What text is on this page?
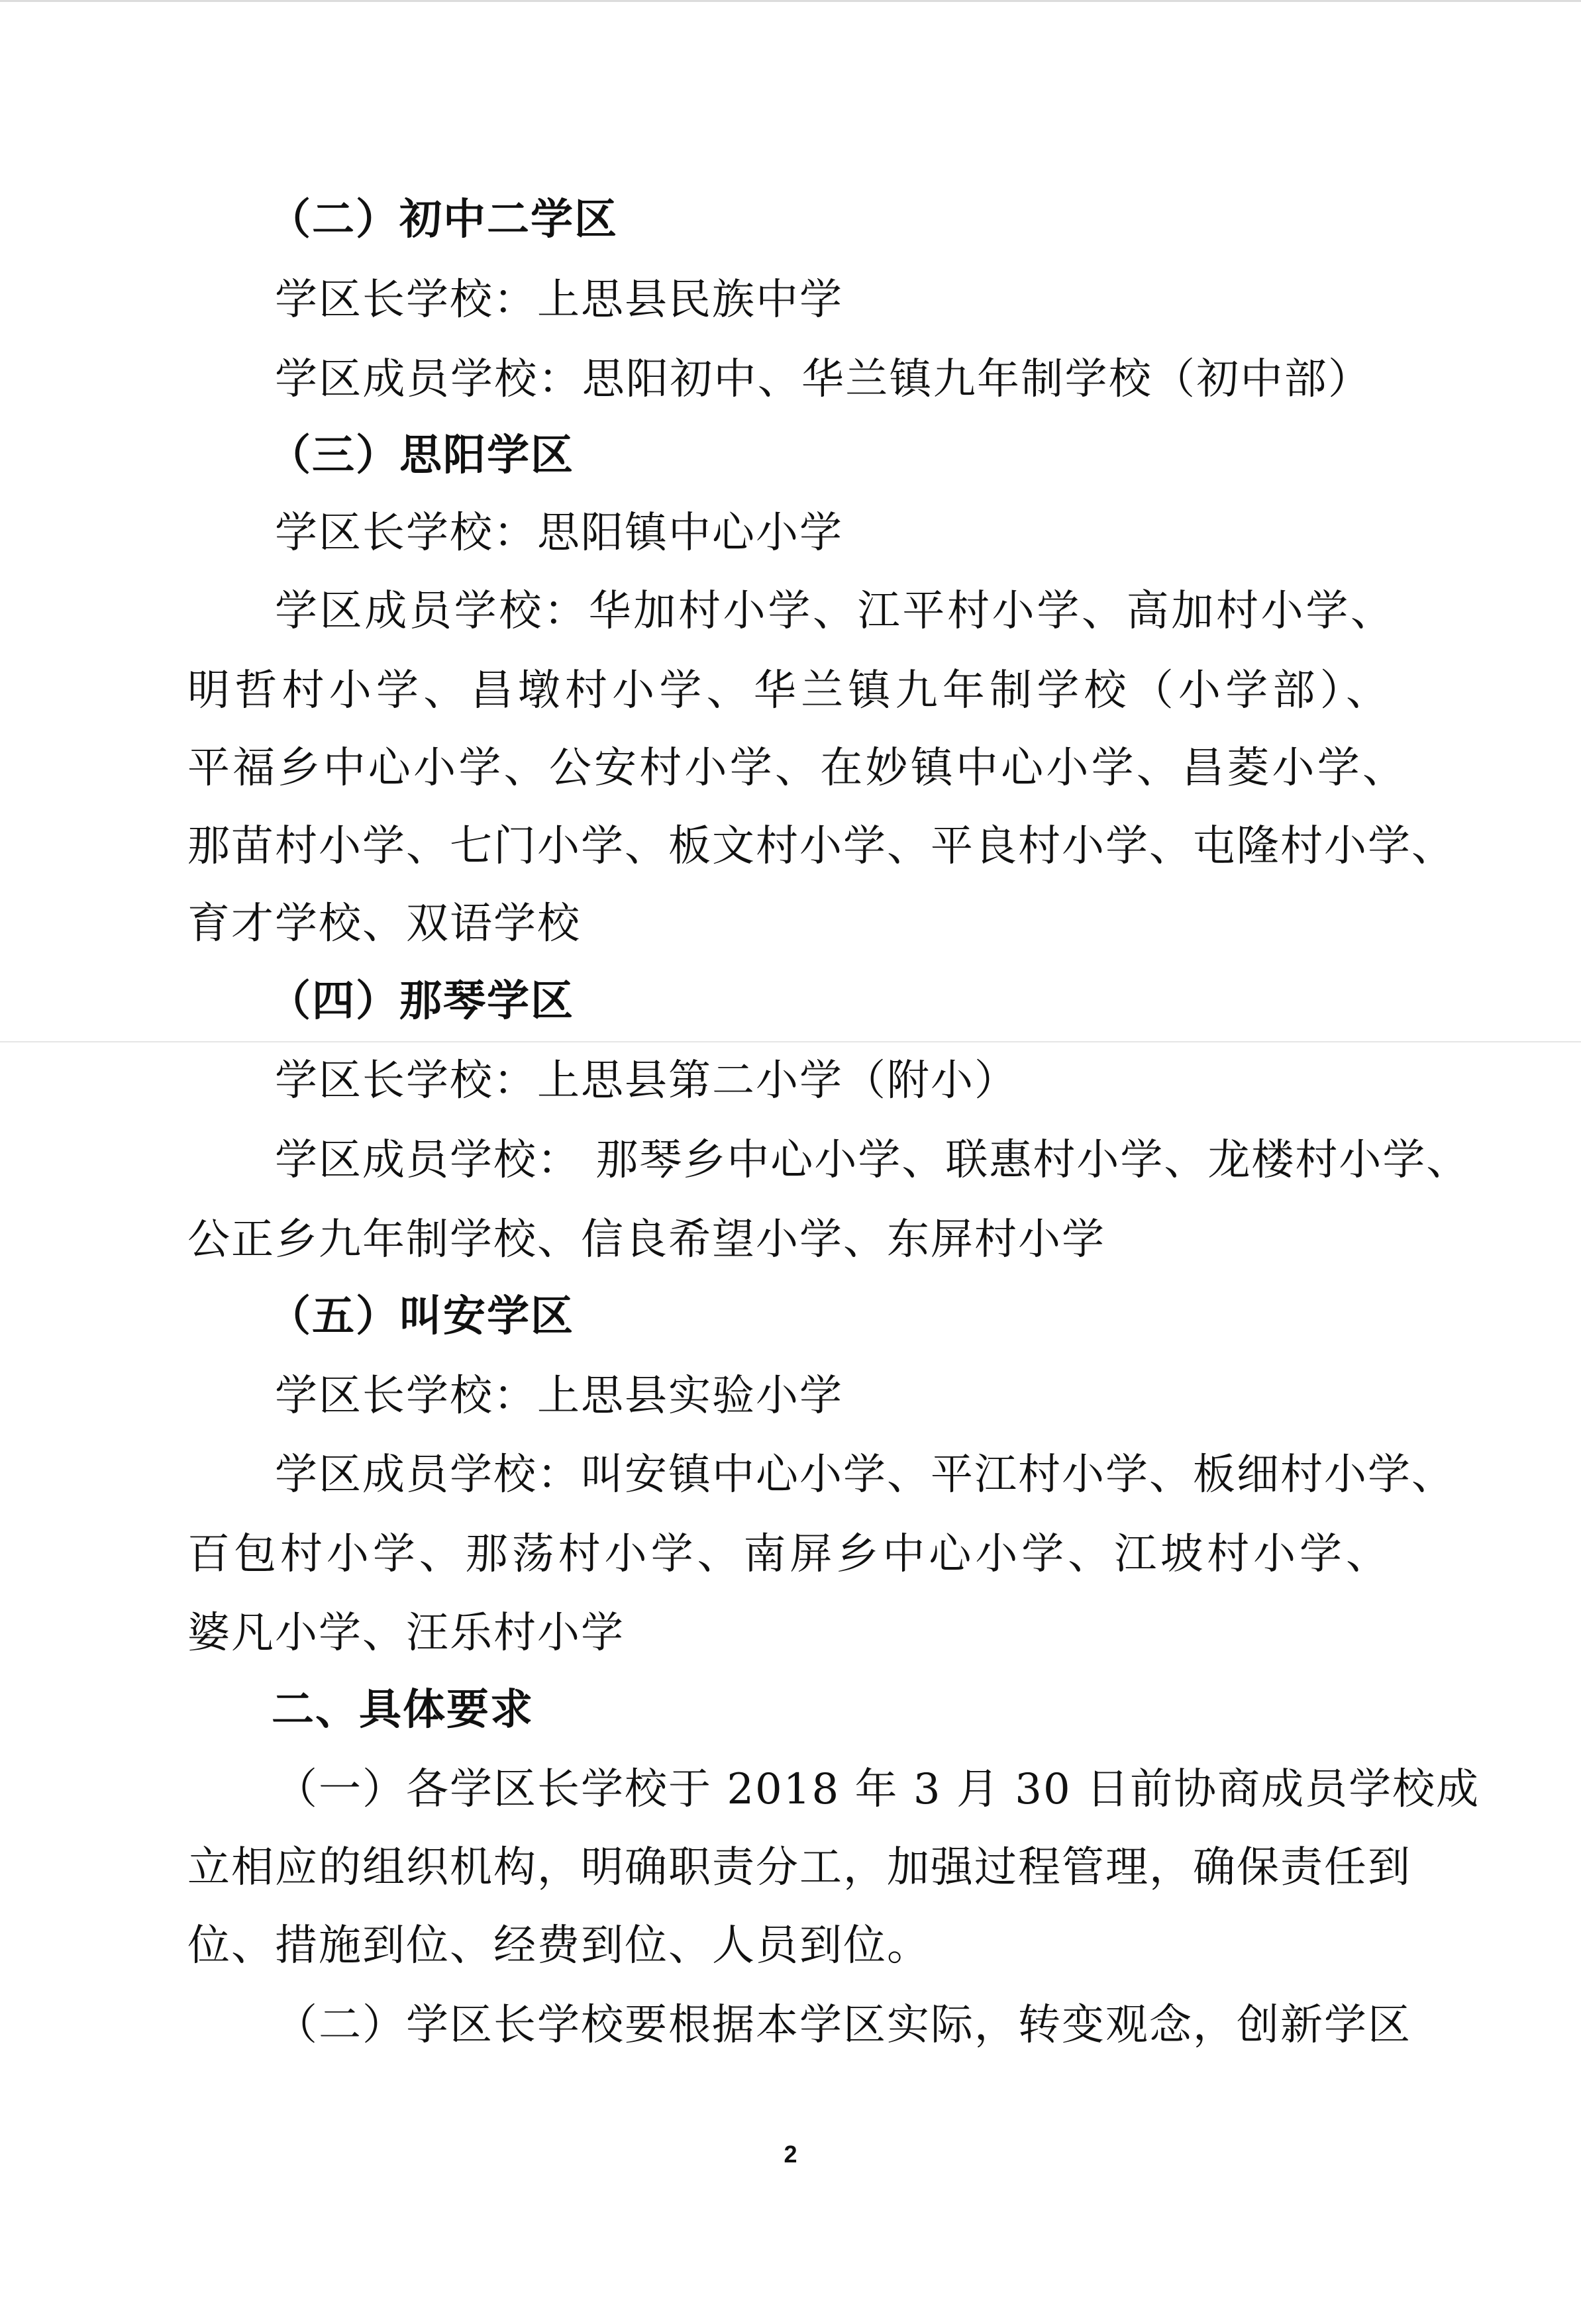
（二）初中二学区
学区长学校：上思县民族中学
学区成员学校：思阳初中、华兰镇九年制学校（初中部）
（三）思阳学区
学区长学校：思阳镇中心小学
学区成员学校：华加村小学、江平村小学、高加村小学、
明哲村小学、昌墩村小学、华兰镇九年制学校（小学部）、
平福乡中心小学、公安村小学、在妙镇中心小学、昌菱小学、
那苗村小学、七门小学、板文村小学、平良村小学、屯隆村小学、
育才学校、双语学校
（四）那琴学区
学区长学校：上思县第二小学（附小）
学区成员学校： 那琴乡中心小学、联惠村小学、龙楼村小学、
公正乡九年制学校、信良希望小学、东屏村小学
（五）叫安学区
学区长学校：上思县实验小学
学区成员学校：叫安镇中心小学、平江村小学、板细村小学、
百包村小学、那荡村小学、南屏乡中心小学、江坡村小学、
婆凡小学、汪乐村小学
二、具体要求
（一）各学区长学校于 2018 年 3 月 30 日前协商成员学校成
立相应的组织机构，明确职责分工，加强过程管理，确保责任到
位、措施到位、经费到位、人员到位。
（二）学区长学校要根据本学区实际，转变观念，创新学区
2
